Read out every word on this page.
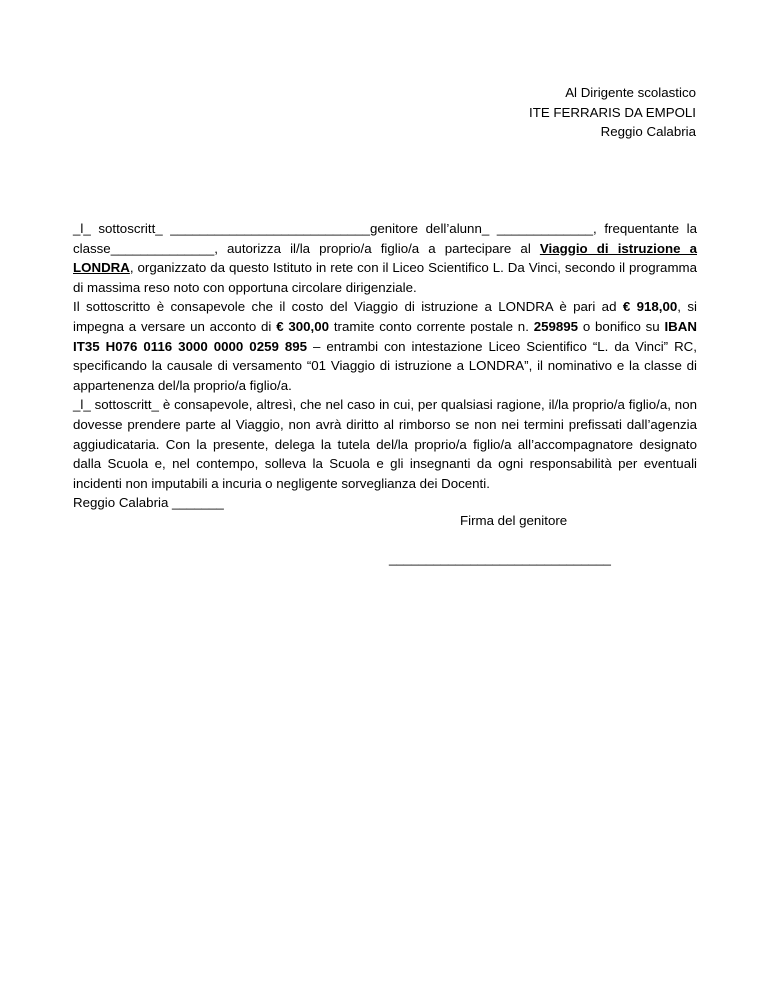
Al Dirigente scolastico
ITE FERRARIS DA EMPOLI
Reggio Calabria

_l_ sottoscritt_ ___________________________genitore dell’alunn_ _____________, frequentante la classe______________, autorizza il/la proprio/a figlio/a a partecipare al Viaggio di istruzione a LONDRA, organizzato da questo Istituto in rete con il Liceo Scientifico L. Da Vinci, secondo il programma di massima reso noto con opportuna circolare dirigenziale.

Il sottoscritto è consapevole che il costo del Viaggio di istruzione a LONDRA è pari ad € 918,00, si impegna a versare un acconto di € 300,00 tramite conto corrente postale n. 259895 o bonifico su IBAN IT35 H076 0116 3000 0000 0259 895 – entrambi con intestazione Liceo Scientifico “L. da Vinci” RC, specificando la causale di versamento “01 Viaggio di istruzione a LONDRA”, il nominativo e la classe di appartenenza del/la proprio/a figlio/a.

_l_ sottoscritt_ è consapevole, altresì, che nel caso in cui, per qualsiasi ragione, il/la proprio/a figlio/a, non dovesse prendere parte al Viaggio, non avrà diritto al rimborso se non nei termini prefissati dall’agenzia aggiudicataria. Con la presente, delega la tutela del/la proprio/a figlio/a all’accompagnatore designato dalla Scuola e, nel contempo, solleva la Scuola e gli insegnanti da ogni responsabilità per eventuali incidenti non imputabili a incuria o negligente sorveglianza dei Docenti.

Reggio Calabria _______
Firma del genitore
______________________________
